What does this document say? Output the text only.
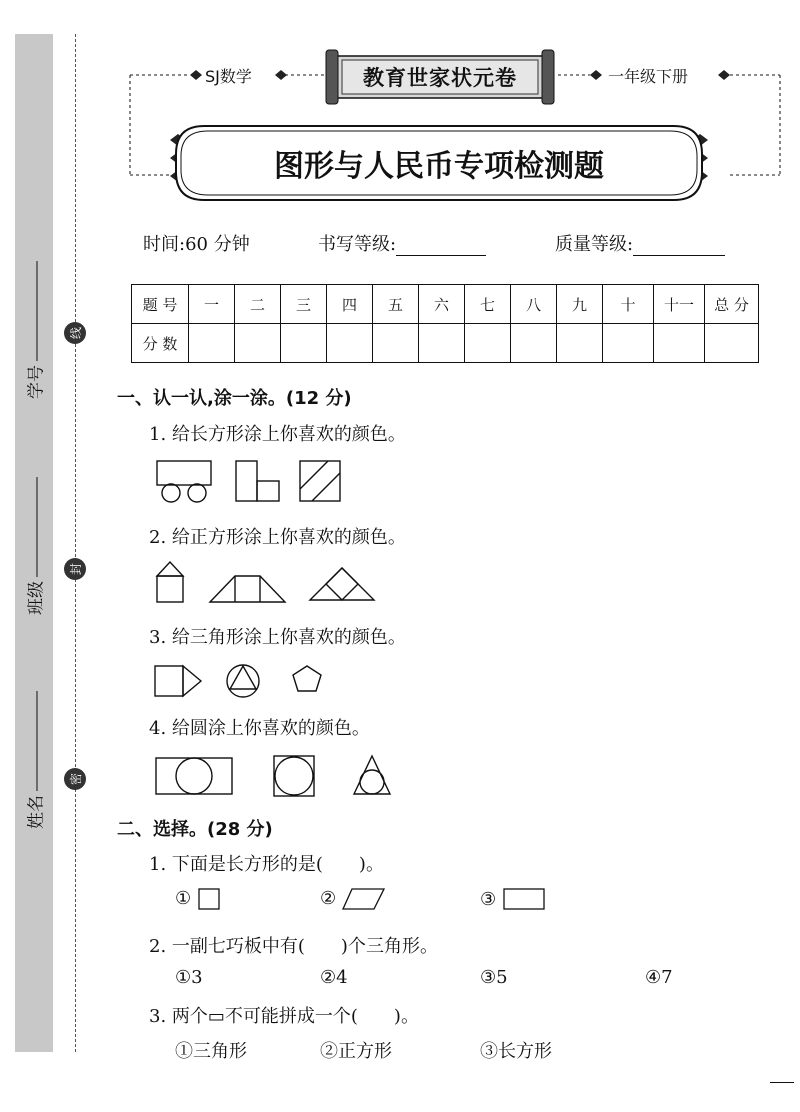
学号
班级
姓名
线
封
密
SJ数学	一年级下册
教育世家状元卷
图形与人民币专项检测题
时间:60 分钟	书写等级:	质量等级:
题 号	一	二	三	四	五	六	七	八	九	十	十一	总 分
分 数												
一、认一认,涂一涂。(12 分)
1. 给长方形涂上你喜欢的颜色。
2. 给正方形涂上你喜欢的颜色。
3. 给三角形涂上你喜欢的颜色。
4. 给圆涂上你喜欢的颜色。
二、选择。(28 分)
1. 下面是长方形的是(　　)。
①	②	③
2. 一副七巧板中有(　　)个三角形。
①3	②4	③5	④7
3. 两个▭不可能拼成一个(　　)。
①三角形	②正方形	③长方形
